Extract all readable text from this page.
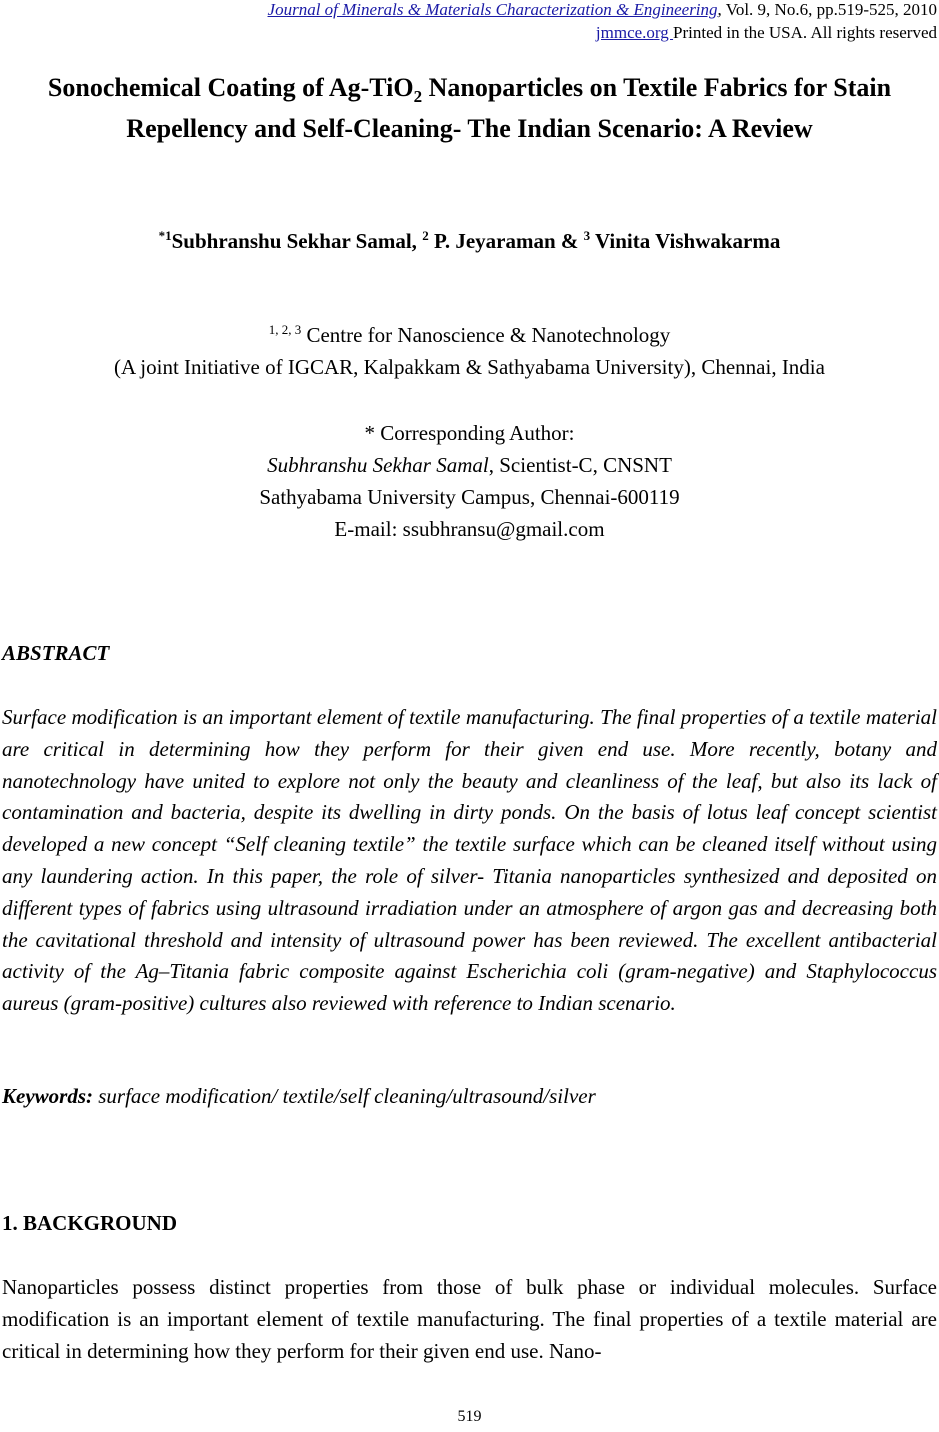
Journal of Minerals & Materials Characterization & Engineering, Vol. 9, No.6, pp.519-525, 2010
jmmce.org Printed in the USA. All rights reserved
Sonochemical Coating of Ag-TiO$_2$ Nanoparticles on Textile Fabrics for Stain
Repellency and Self-Cleaning- The Indian Scenario: A Review
$^{*1}$Subhranshu Sekhar Samal, $^2$ P. Jeyaraman & $^3$ Vinita Vishwakarma
$^{1, 2, 3}$ Centre for Nanoscience & Nanotechnology
(A joint Initiative of IGCAR, Kalpakkam & Sathyabama University), Chennai, India
* Corresponding Author:
Subhranshu Sekhar Samal, Scientist-C, CNSNT
Sathyabama University Campus, Chennai-600119
E-mail: ssubhransu@gmail.com
ABSTRACT
Surface modification is an important element of textile manufacturing. The final properties of a textile material are critical in determining how they perform for their given end use. More recently, botany and nanotechnology have united to explore not only the beauty and cleanliness of the leaf, but also its lack of contamination and bacteria, despite its dwelling in dirty ponds. On the basis of lotus leaf concept scientist developed a new concept “Self cleaning textile” the textile surface which can be cleaned itself without using any laundering action. In this paper, the role of silver- Titania nanoparticles synthesized and deposited on different types of fabrics using ultrasound irradiation under an atmosphere of argon gas and decreasing both the cavitational threshold and intensity of ultrasound power has been reviewed. The excellent antibacterial activity of the Ag–Titania fabric composite against Escherichia coli (gram-negative) and Staphylococcus aureus (gram-positive) cultures also reviewed with reference to Indian scenario.
Keywords: surface modification/ textile/self cleaning/ultrasound/silver
1. BACKGROUND
Nanoparticles possess distinct properties from those of bulk phase or individual molecules. Surface modification is an important element of textile manufacturing. The final properties of a textile material are critical in determining how they perform for their given end use. Nano-
519
